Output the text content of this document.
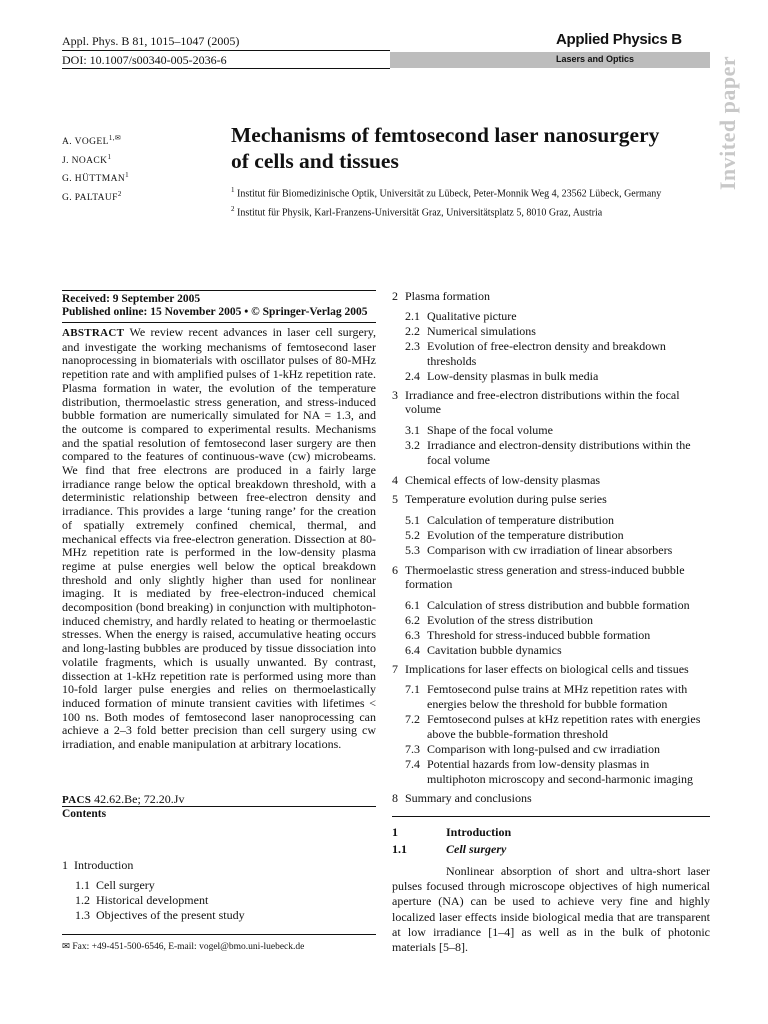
Appl. Phys. B 81, 1015–1047 (2005)
DOI: 10.1007/s00340-005-2036-6
Applied Physics B
Lasers and Optics	Invited paper
A. $VOGEL^{1,✉}$
J. NOACK$^1$
G. HÜTTMAN$^1$
G. PALTAUF$^2$
Mechanisms of femtosecond laser nanosurgery
of cells and tissues
$^1$ Institut für Biomedizinische Optik, Universität zu Lübeck, Peter-Monnik Weg 4, 23562 Lübeck, Germany
$^2$ Institut für Physik, Karl-Franzens-Universität Graz, Universitätsplatz 5, 8010 Graz, Austria
Received: 9 September 2005
Published online: 15 November 2005 • © Springer-Verlag 2005
ABSTRACT We review recent advances in laser cell surgery, and investigate the working mechanisms of femtosecond laser nanoprocessing in biomaterials with oscillator pulses of 80-MHz repetition rate and with amplified pulses of 1-kHz repetition rate. Plasma formation in water, the evolution of the temperature distribution, thermoelastic stress generation, and stress-induced bubble formation are numerically simulated for NA = 1.3, and the outcome is compared to experimental results. Mechanisms and the spatial resolution of femtosecond laser surgery are then compared to the features of continuous-wave (cw) microbeams. We find that free electrons are produced in a fairly large irradiance range below the optical breakdown threshold, with a deterministic relationship between free-electron density and irradiance. This provides a large ‘tuning range’ for the creation of spatially extremely confined chemical, thermal, and mechanical effects via free-electron generation. Dissection at 80-MHz repetition rate is performed in the low-density plasma regime at pulse energies well below the optical breakdown threshold and only slightly higher than used for nonlinear imaging. It is mediated by free-electron-induced chemical decomposition (bond breaking) in conjunction with multiphoton-induced chemistry, and hardly related to heating or thermoelastic stresses. When the energy is raised, accumulative heating occurs and long-lasting bubbles are produced by tissue dissociation into volatile fragments, which is usually unwanted. By contrast, dissection at 1-kHz repetition rate is performed using more than 10-fold larger pulse energies and relies on thermoelastically induced formation of minute transient cavities with lifetimes < 100 ns. Both modes of femtosecond laser nanoprocessing can achieve a 2–3 fold better precision than cell surgery using cw irradiation, and enable manipulation at arbitrary locations.
PACS 42.62.Be; 72.20.Jv
Contents
1 Introduction
1.1 Cell surgery
1.2 Historical development
1.3 Objectives of the present study
✉ Fax: +49-451-500-6546, E-mail: vogel@bmo.uni-luebeck.de
2 Plasma formation
2.1 Qualitative picture
2.2 Numerical simulations
2.3 Evolution of free-electron density and breakdown thresholds
2.4 Low-density plasmas in bulk media
3 Irradiance and free-electron distributions within the focal volume
3.1 Shape of the focal volume
3.2 Irradiance and electron-density distributions within the focal volume
4 Chemical effects of low-density plasmas
5 Temperature evolution during pulse series
5.1 Calculation of temperature distribution
5.2 Evolution of the temperature distribution
5.3 Comparison with cw irradiation of linear absorbers
6 Thermoelastic stress generation and stress-induced bubble formation
6.1 Calculation of stress distribution and bubble formation
6.2 Evolution of the stress distribution
6.3 Threshold for stress-induced bubble formation
6.4 Cavitation bubble dynamics
7 Implications for laser effects on biological cells and tissues
7.1 Femtosecond pulse trains at MHz repetition rates with energies below the threshold for bubble formation
7.2 Femtosecond pulses at kHz repetition rates with energies above the bubble-formation threshold
7.3 Comparison with long-pulsed and cw irradiation
7.4 Potential hazards from low-density plasmas in multiphoton microscopy and second-harmonic imaging
8 Summary and conclusions
1	Introduction
1.1	Cell surgery
Nonlinear absorption of short and ultra-short laser pulses focused through microscope objectives of high numerical aperture (NA) can be used to achieve very fine and highly localized laser effects inside biological media that are transparent at low irradiance [1–4] as well as in the bulk of photonic materials [5–8].
